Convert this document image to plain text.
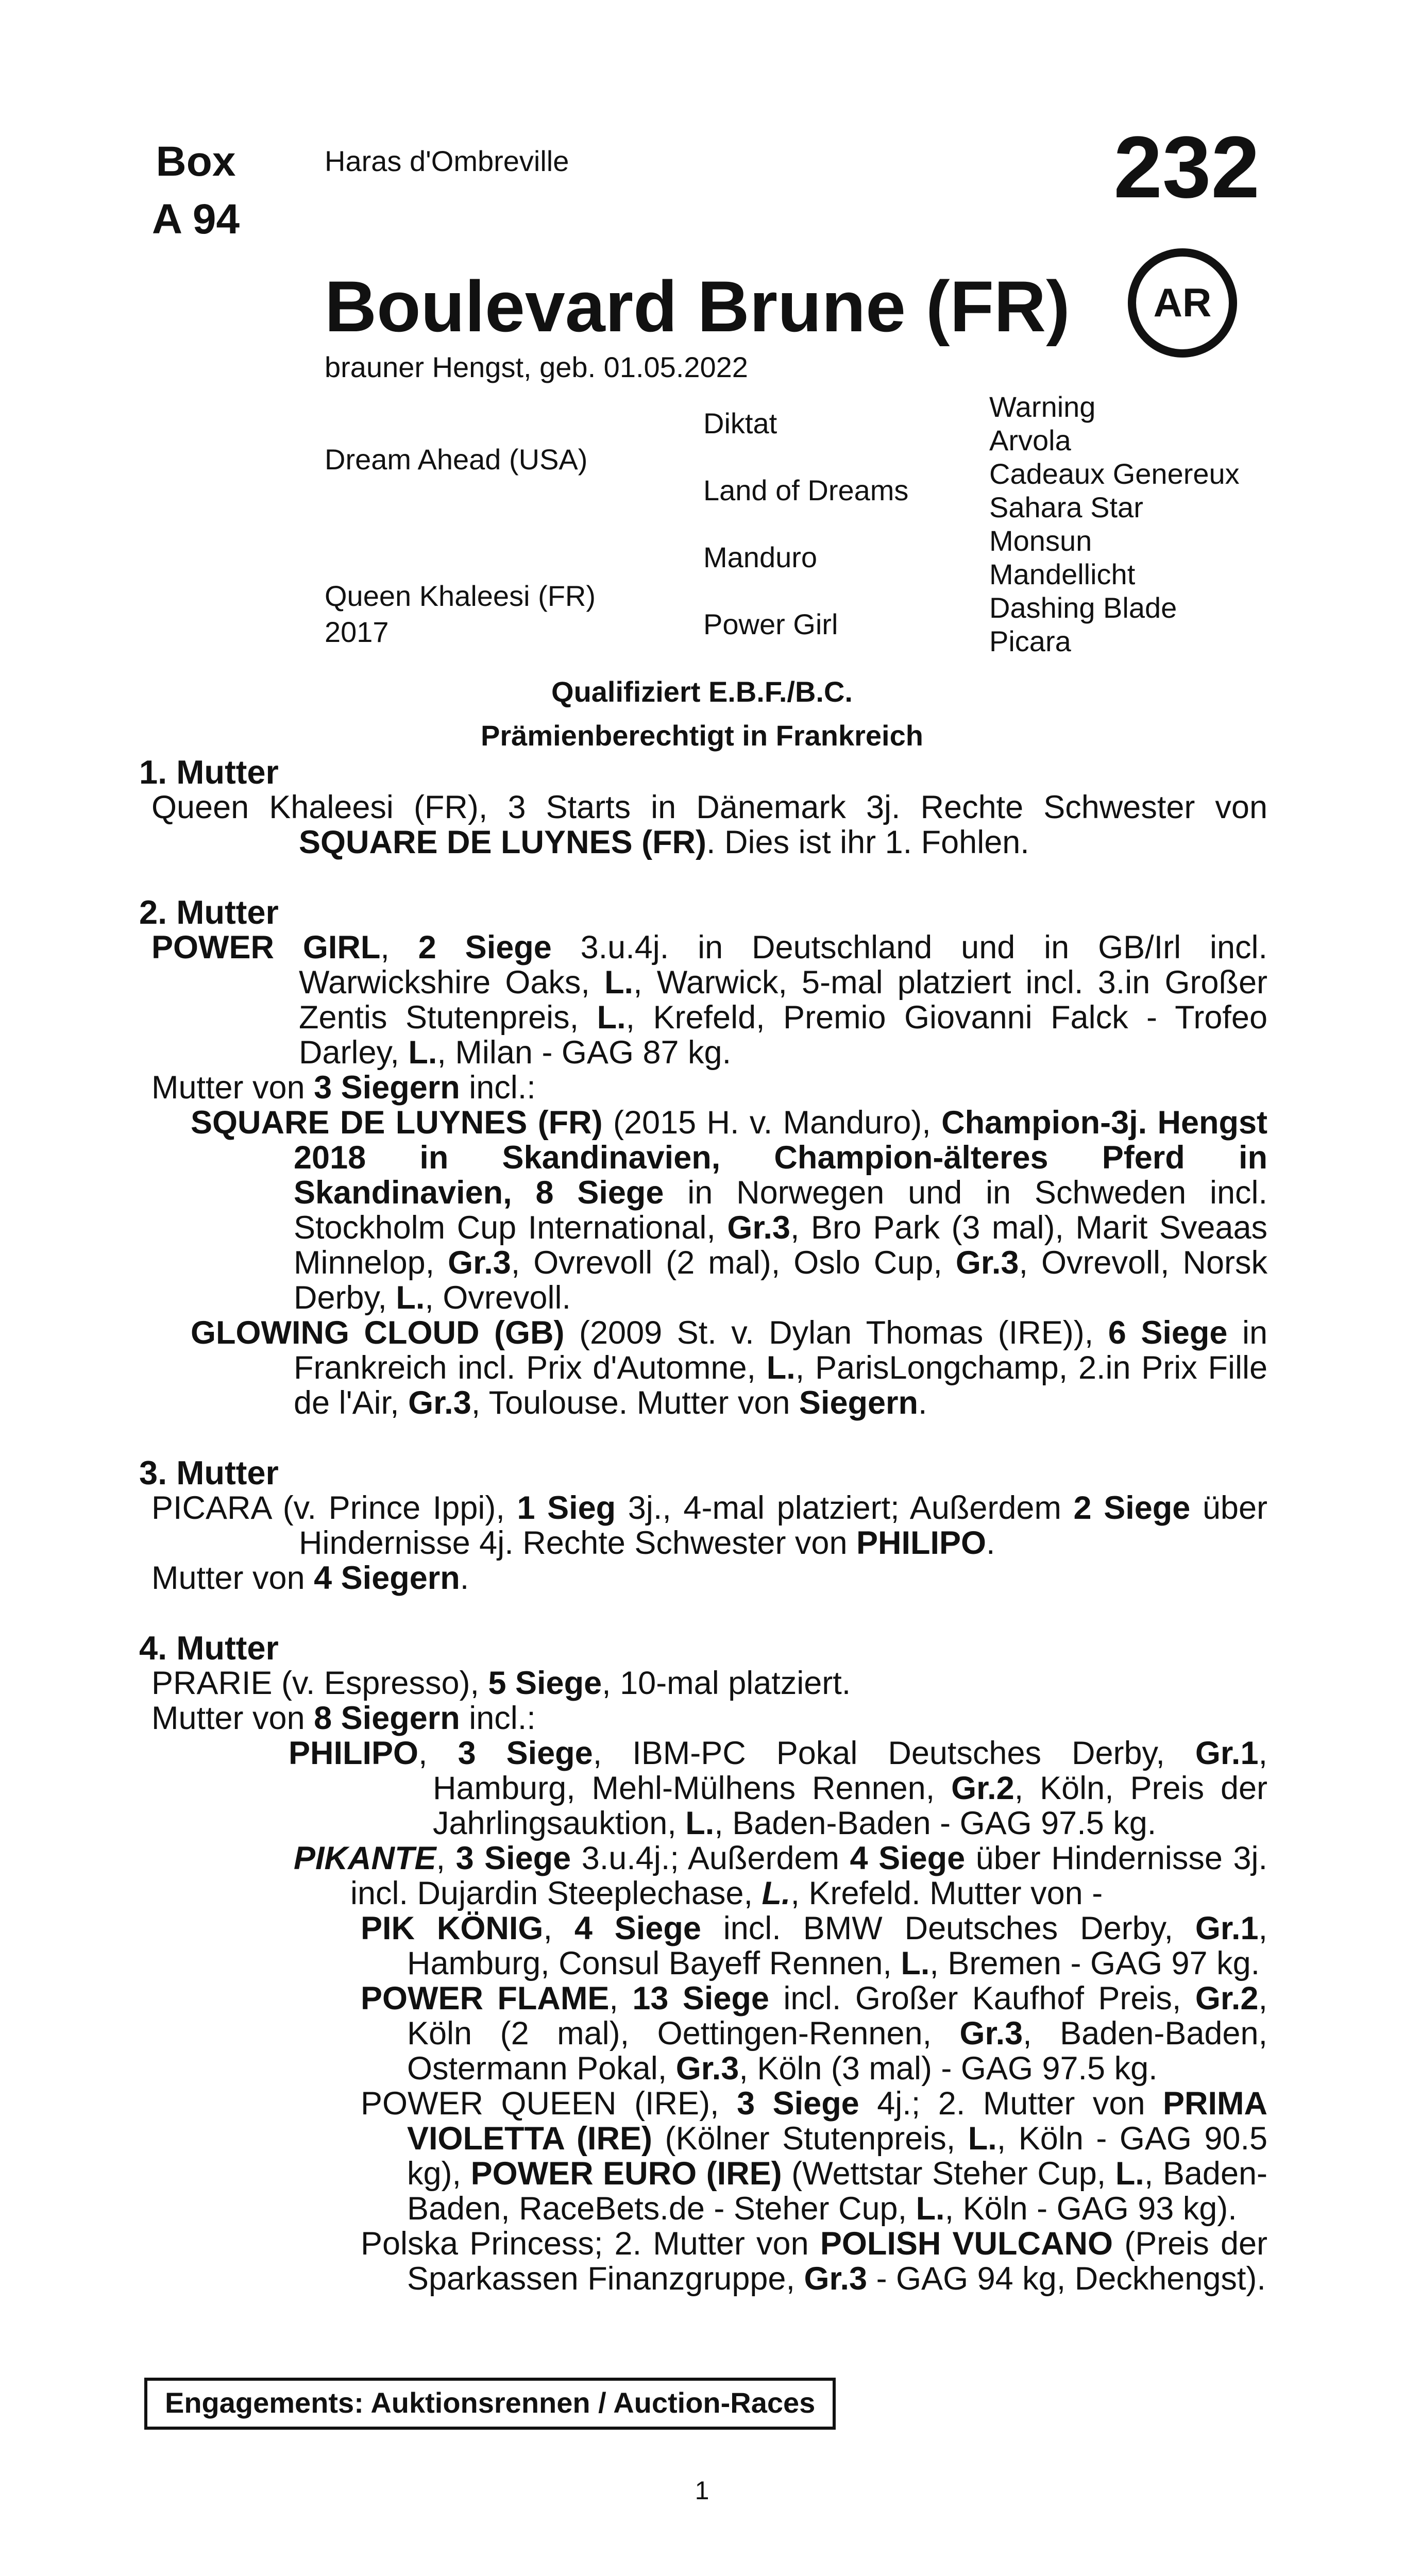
Box
A 94
Haras d'Ombreville	232
Boulevard Brune (FR) AR
brauner Hengst, geb. 01.05.2022
Dream Ahead (USA)
Queen Khaleesi (FR)
2017
Diktat
Land of Dreams
Manduro
Power Girl
Warning
Arvola
Cadeaux Genereux
Sahara Star
Monsun
Mandellicht
Dashing Blade
Picara
Qualifiziert E.B.F./B.C.
Prämienberechtigt in Frankreich
1. Mutter
Queen Khaleesi (FR), 3 Starts in Dänemark 3j. Rechte Schwester von SQUARE DE LUYNES (FR). Dies ist ihr 1. Fohlen.
2. Mutter
POWER GIRL, 2 Siege 3.u.4j. in Deutschland und in GB/Irl incl. Warwickshire Oaks, L., Warwick, 5-mal platziert incl. 3.in Großer Zentis Stutenpreis, L., Krefeld, Premio Giovanni Falck - Trofeo Darley, L., Milan - GAG 87 kg.
Mutter von 3 Siegern incl.:
SQUARE DE LUYNES (FR) (2015 H. v. Manduro), Champion-3j. Hengst 2018 in Skandinavien, Champion-älteres Pferd in Skandinavien, 8 Siege in Norwegen und in Schweden incl. Stockholm Cup International, Gr.3, Bro Park (3 mal), Marit Sveaas Minnelop, Gr.3, Ovrevoll (2 mal), Oslo Cup, Gr.3, Ovrevoll, Norsk Derby, L., Ovrevoll.
GLOWING CLOUD (GB) (2009 St. v. Dylan Thomas (IRE)), 6 Siege in Frankreich incl. Prix d'Automne, L., ParisLongchamp, 2.in Prix Fille de l'Air, Gr.3, Toulouse. Mutter von Siegern.
3. Mutter
PICARA (v. Prince Ippi), 1 Sieg 3j., 4-mal platziert; Außerdem 2 Siege über Hindernisse 4j. Rechte Schwester von PHILIPO.
Mutter von 4 Siegern.
4. Mutter
PRARIE (v. Espresso), 5 Siege, 10-mal platziert.
Mutter von 8 Siegern incl.:
PHILIPO, 3 Siege, IBM-PC Pokal Deutsches Derby, Gr.1, Hamburg, Mehl-Mülhens Rennen, Gr.2, Köln, Preis der Jahrlingsauktion, L., Baden-Baden - GAG 97.5 kg.
PIKANTE, 3 Siege 3.u.4j.; Außerdem 4 Siege über Hindernisse 3j. incl. Dujardin Steeplechase, L., Krefeld. Mutter von -
PIK KÖNIG, 4 Siege incl. BMW Deutsches Derby, Gr.1, Hamburg, Consul Bayeff Rennen, L., Bremen - GAG 97 kg.
POWER FLAME, 13 Siege incl. Großer Kaufhof Preis, Gr.2, Köln (2 mal), Oettingen-Rennen, Gr.3, Baden-Baden, Ostermann Pokal, Gr.3, Köln (3 mal) - GAG 97.5 kg.
POWER QUEEN (IRE), 3 Siege 4j.; 2. Mutter von PRIMA VIOLETTA (IRE) (Kölner Stutenpreis, L., Köln - GAG 90.5 kg), POWER EURO (IRE) (Wettstar Steher Cup, L., Baden-Baden, RaceBets.de - Steher Cup, L., Köln - GAG 93 kg).
Polska Princess; 2. Mutter von POLISH VULCANO (Preis der Sparkassen Finanzgruppe, Gr.3 - GAG 94 kg, Deckhengst).
Engagements: Auktionsrennen / Auction-Races
1
